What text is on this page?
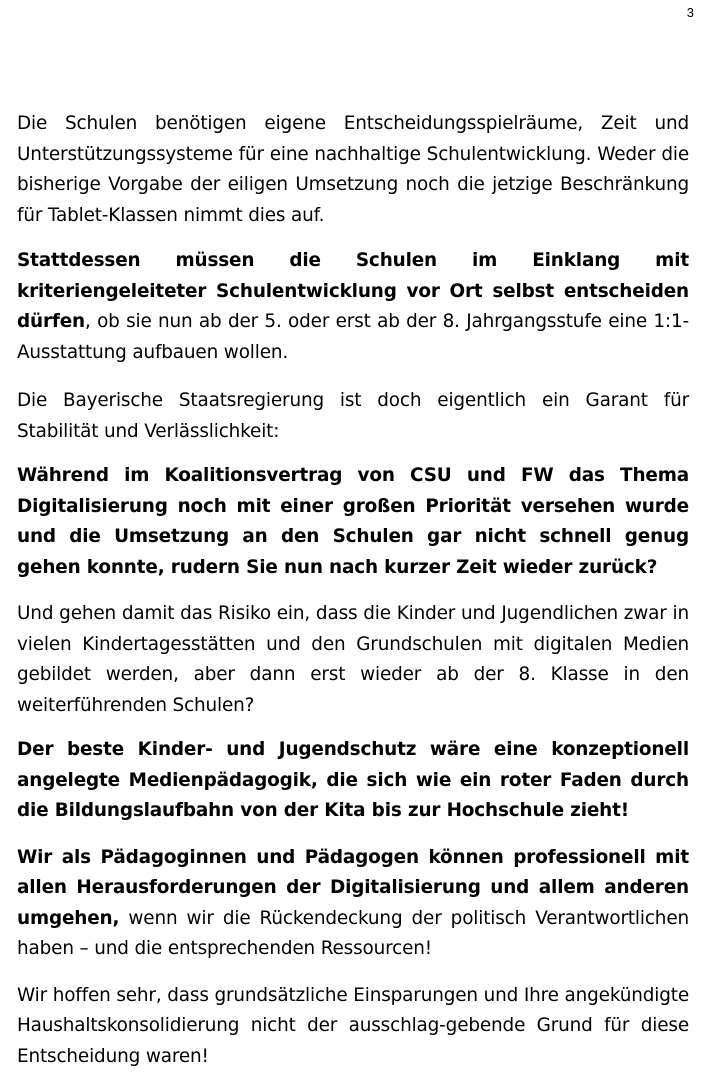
3

Die Schulen benötigen eigene Entscheidungsspielräume, Zeit und Unterstützungssysteme für eine nachhaltige Schulentwicklung. Weder die bisherige Vorgabe der eiligen Umsetzung noch die jetzige Beschränkung für Tablet-Klassen nimmt dies auf.

Stattdessen müssen die Schulen im Einklang mit kriteriengeleiteter Schulentwicklung vor Ort selbst entscheiden dürfen, ob sie nun ab der 5. oder erst ab der 8. Jahrgangsstufe eine 1:1-Ausstattung aufbauen wollen.

Die Bayerische Staatsregierung ist doch eigentlich ein Garant für Stabilität und Verlässlichkeit:

Während im Koalitionsvertrag von CSU und FW das Thema Digitalisierung noch mit einer großen Priorität versehen wurde und die Umsetzung an den Schulen gar nicht schnell genug gehen konnte, rudern Sie nun nach kurzer Zeit wieder zurück?

Und gehen damit das Risiko ein, dass die Kinder und Jugendlichen zwar in vielen Kindertagesstätten und den Grundschulen mit digitalen Medien gebildet werden, aber dann erst wieder ab der 8. Klasse in den weiterführenden Schulen?

Der beste Kinder- und Jugendschutz wäre eine konzeptionell angelegte Medienpädagogik, die sich wie ein roter Faden durch die Bildungslaufbahn von der Kita bis zur Hochschule zieht!

Wir als Pädagoginnen und Pädagogen können professionell mit allen Herausforderungen der Digitalisierung und allem anderen umgehen, wenn wir die Rückendeckung der politisch Verantwortlichen haben – und die entsprechenden Ressourcen!

Wir hoffen sehr, dass grundsätzliche Einsparungen und Ihre angekündigte Haushaltskonsolidierung nicht der ausschlag-gebende Grund für diese Entscheidung waren!
